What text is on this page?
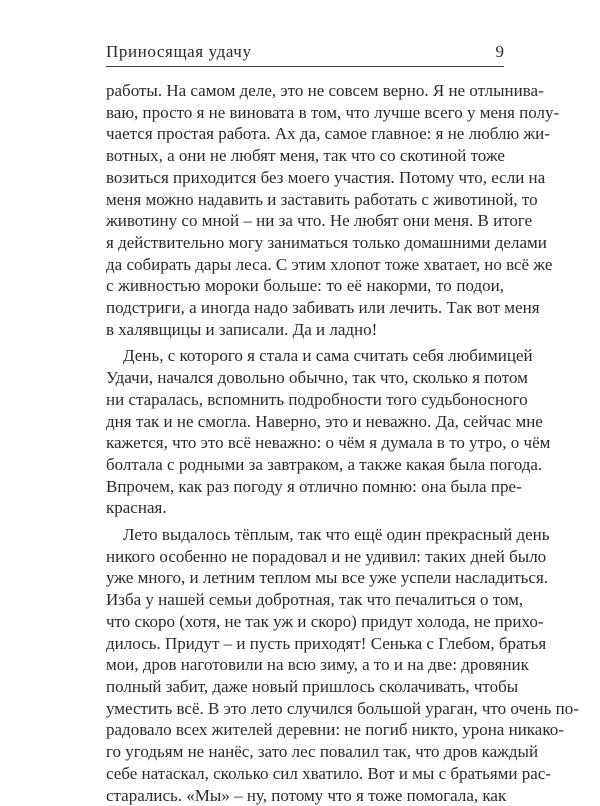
Приносящая удачу	9
работы. На самом деле, это не совсем верно. Я не отлынива-
ваю, просто я не виновата в том, что лучше всего у меня полу-
чается простая работа. Ах да, самое главное: я не люблю жи-
вотных, а они не любят меня, так что со скотиной тоже
возиться приходится без моего участия. Потому что, если на
меня можно надавить и заставить работать с животиной, то
животину со мной – ни за что. Не любят они меня. В итоге
я действительно могу заниматься только домашними делами
да собирать дары леса. С этим хлопот тоже хватает, но всё же
с живностью мороки больше: то её накорми, то подои,
подстриги, а иногда надо забивать или лечить. Так вот меня
в халявщицы и записали. Да и ладно!
День, с которого я стала и сама считать себя любимицей
Удачи, начался довольно обычно, так что, сколько я потом
ни старалась, вспомнить подробности того судьбоносного
дня так и не смогла. Наверно, это и неважно. Да, сейчас мне
кажется, что это всё неважно: о чём я думала в то утро, о чём
болтала с родными за завтраком, а также какая была погода.
Впрочем, как раз погоду я отлично помню: она была пре-
красная.
Лето выдалось тёплым, так что ещё один прекрасный день
никого особенно не порадовал и не удивил: таких дней было
уже много, и летним теплом мы все уже успели насладиться.
Изба у нашей семьи добротная, так что печалиться о том,
что скоро (хотя, не так уж и скоро) придут холода, не прихо-
дилось. Придут – и пусть приходят! Сенька с Глебом, братья
мои, дров наготовили на всю зиму, а то и на две: дровяник
полный забит, даже новый пришлось сколачивать, чтобы
уместить всё. В это лето случился большой ураган, что очень по-
радовало всех жителей деревни: не погиб никто, урона никако-
го угодьям не нанёс, зато лес повалил так, что дров каждый
себе натаскал, сколько сил хватило. Вот и мы с братьями рас-
старались. «Мы» – ну, потому что я тоже помогала, как
